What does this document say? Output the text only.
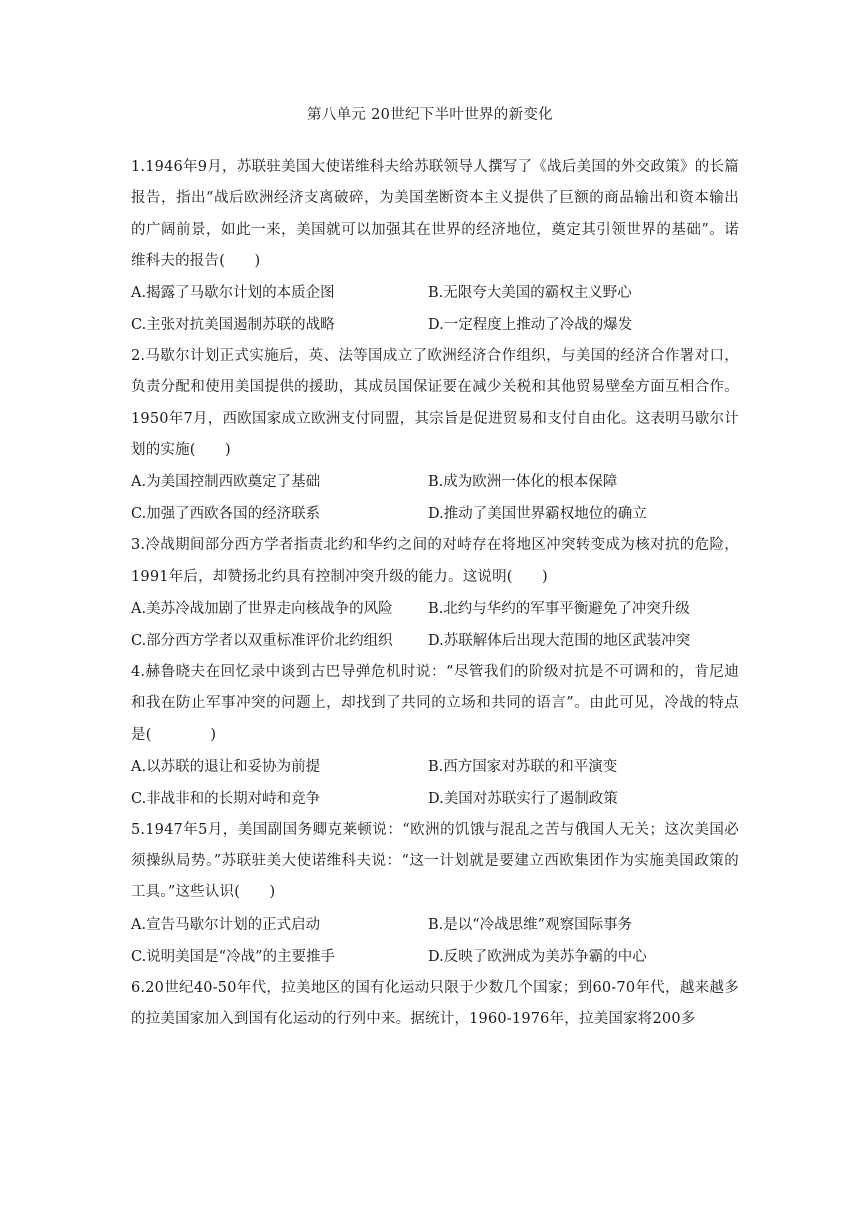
第八单元 20世纪下半叶世界的新变化

1.1946年9月，苏联驻美国大使诺维科夫给苏联领导人撰写了《战后美国的外交政策》的长篇报告，指出“战后欧洲经济支离破碎，为美国垄断资本主义提供了巨额的商品输出和资本输出的广阔前景，如此一来，美国就可以加强其在世界的经济地位，奠定其引领世界的基础”。诺维科夫的报告(　　)

A.揭露了马歇尔计划的本质企图	B.无限夸大美国的霸权主义野心
C.主张对抗美国遏制苏联的战略	D.一定程度上推动了冷战的爆发

2.马歇尔计划正式实施后，英、法等国成立了欧洲经济合作组织，与美国的经济合作署对口，负责分配和使用美国提供的援助，其成员国保证要在减少关税和其他贸易壁垒方面互相合作。1950年7月，西欧国家成立欧洲支付同盟，其宗旨是促进贸易和支付自由化。这表明马歇尔计划的实施(　　)

A.为美国控制西欧奠定了基础	B.成为欧洲一体化的根本保障
C.加强了西欧各国的经济联系	D.推动了美国世界霸权地位的确立

3.冷战期间部分西方学者指责北约和华约之间的对峙存在将地区冲突转变成为核对抗的危险，1991年后，却赞扬北约具有控制冲突升级的能力。这说明(　　)

A.美苏冷战加剧了世界走向核战争的风险 B.北约与华约的军事平衡避免了冲突升级
C.部分西方学者以双重标准评价北约组织 D.苏联解体后出现大范围的地区武装冲突

4.赫鲁晓夫在回忆录中谈到古巴导弹危机时说：“尽管我们的阶级对抗是不可调和的，肯尼迪和我在防止军事冲突的问题上，却找到了共同的立场和共同的语言”。由此可见，冷战的特点是(　　　　)

A.以苏联的退让和妥协为前提	B.西方国家对苏联的和平演变
C.非战非和的长期对峙和竞争	D.美国对苏联实行了遏制政策

5.1947年5月，美国副国务卿克莱顿说：“欧洲的饥饿与混乱之苦与俄国人无关；这次美国必须操纵局势。”苏联驻美大使诺维科夫说：“这一计划就是要建立西欧集团作为实施美国政策的工具。”这些认识(　　)

A.宣告马歇尔计划的正式启动	B.是以“冷战思维”观察国际事务
C.说明美国是“冷战”的主要推手	D.反映了欧洲成为美苏争霸的中心

6.20世纪40-50年代，拉美地区的国有化运动只限于少数几个国家；到60-70年代，越来越多的拉美国家加入到国有化运动的行列中来。据统计，1960-1976年，拉美国家将200多
